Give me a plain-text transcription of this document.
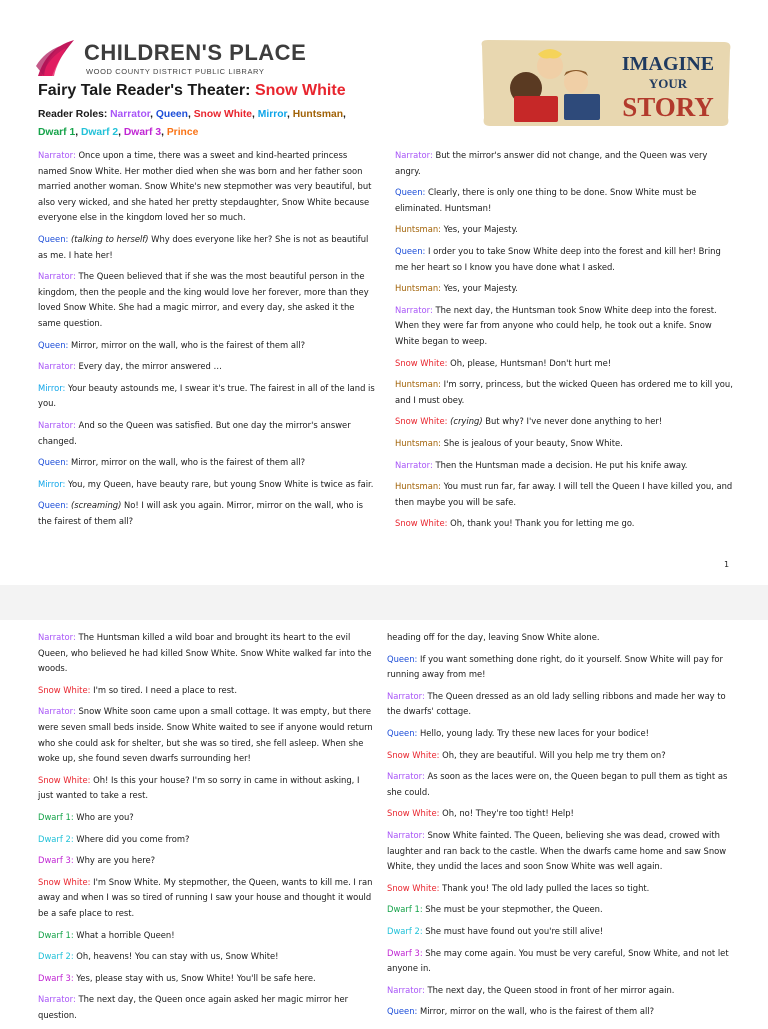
CHILDREN'S PLACE
WOOD COUNTY DISTRICT PUBLIC LIBRARY
Fairy Tale Reader's Theater: Snow White
Reader Roles: Narrator, Queen, Snow White, Mirror, Huntsman,  Dwarf 1, Dwarf 2, Dwarf 3, Prince
IMAGINE
YOUR
STORY

Narrator: Once upon a time, there was a sweet and kind-hearted princess named Snow White. Her mother died when she was born and her father soon married another woman. Snow White's new stepmother was very beautiful, but also very wicked, and she hated her pretty stepdaughter, Snow White because everyone else in the kingdom loved her so much.

Queen: (talking to herself) Why does everyone like her? She is not as beautiful as me. I hate her!

Narrator: The Queen believed that if she was the most beautiful person in the kingdom, then the people and the king would love her forever, more than they loved Snow White. She had a magic mirror, and every day, she asked it the same question.

Queen: Mirror, mirror on the wall, who is the fairest of them all?

Narrator: Every day, the mirror answered …

Mirror: Your beauty astounds me, I swear it's true. The fairest in all of the land is you.

Narrator: And so the Queen was satisfied. But one day the mirror's answer changed.

Queen: Mirror, mirror on the wall, who is the fairest of them all?

Mirror: You, my Queen, have beauty rare, but young Snow White is twice as fair.

Queen: (screaming) No! I will ask you again. Mirror, mirror on the wall, who is the fairest of them all?

Narrator: But the mirror's answer did not change, and the Queen was very angry.

Queen: Clearly, there is only one thing to be done. Snow White must be eliminated. Huntsman!

Huntsman: Yes, your Majesty.

Queen: I order you to take Snow White deep into the forest and kill her! Bring me her heart so I know you have done what I asked.

Huntsman: Yes, your Majesty.

Narrator: The next day, the Huntsman took Snow White deep into the forest. When they were far from anyone who could help, he took out a knife. Snow White began to weep.

Snow White: Oh, please, Huntsman! Don't hurt me!

Huntsman: I'm sorry, princess, but the wicked Queen has ordered me to kill you, and I must obey.

Snow White: (crying) But why? I've never done anything to her!

Huntsman: She is jealous of your beauty, Snow White.

Narrator: Then the Huntsman made a decision. He put his knife away.

Huntsman: You must run far, far away. I will tell the Queen I have killed you, and then maybe you will be safe.

Snow White: Oh, thank you! Thank you for letting me go.

1

Narrator: The Huntsman killed a wild boar and brought its heart to the evil Queen, who believed he had killed Snow White. Snow White walked far into the woods.

Snow White: I'm so tired. I need a place to rest.

Narrator: Snow White soon came upon a small cottage. It was empty, but there were seven small beds inside. Snow White waited to see if anyone would return who she could ask for shelter, but she was so tired, she fell asleep. When she woke up, she found seven dwarfs surrounding her!

Snow White: Oh! Is this your house? I'm so sorry in came in without asking, I just wanted to take a rest.

Dwarf 1: Who are you?

Dwarf 2: Where did you come from?

Dwarf 3: Why are you here?

Snow White: I'm Snow White. My stepmother, the Queen, wants to kill me. I ran away and when I was so tired of running I saw your house and thought it would be a safe place to rest.

Dwarf 1: What a horrible Queen!

Dwarf 2: Oh, heavens! You can stay with us, Snow White!

Dwarf 3: Yes, please stay with us, Snow White! You'll be safe here.

Narrator: The next day, the Queen once again asked her magic mirror her question.

heading off for the day, leaving Snow White alone.

Queen: If you want something done right, do it yourself. Snow White will pay for running away from me!

Narrator: The Queen dressed as an old lady selling ribbons and made her way to the dwarfs' cottage.

Queen: Hello, young lady. Try these new laces for your bodice!

Snow White: Oh, they are beautiful. Will you help me try them on?

Narrator: As soon as the laces were on, the Queen began to pull them as tight as she could.

Snow White: Oh, no! They're too tight! Help!

Narrator: Snow White fainted. The Queen, believing she was dead, crowed with laughter and ran back to the castle. When the dwarfs came home and saw Snow White, they undid the laces and soon Snow White was well again.

Snow White: Thank you! The old lady pulled the laces so tight.

Dwarf 1: She must be your stepmother, the Queen.

Dwarf 2: She must have found out you're still alive!

Dwarf 3: She may come again. You must be very careful, Snow White, and not let anyone in.

Narrator: The next day, the Queen stood in front of her mirror again.

Queen: Mirror, mirror on the wall, who is the fairest of them all?
